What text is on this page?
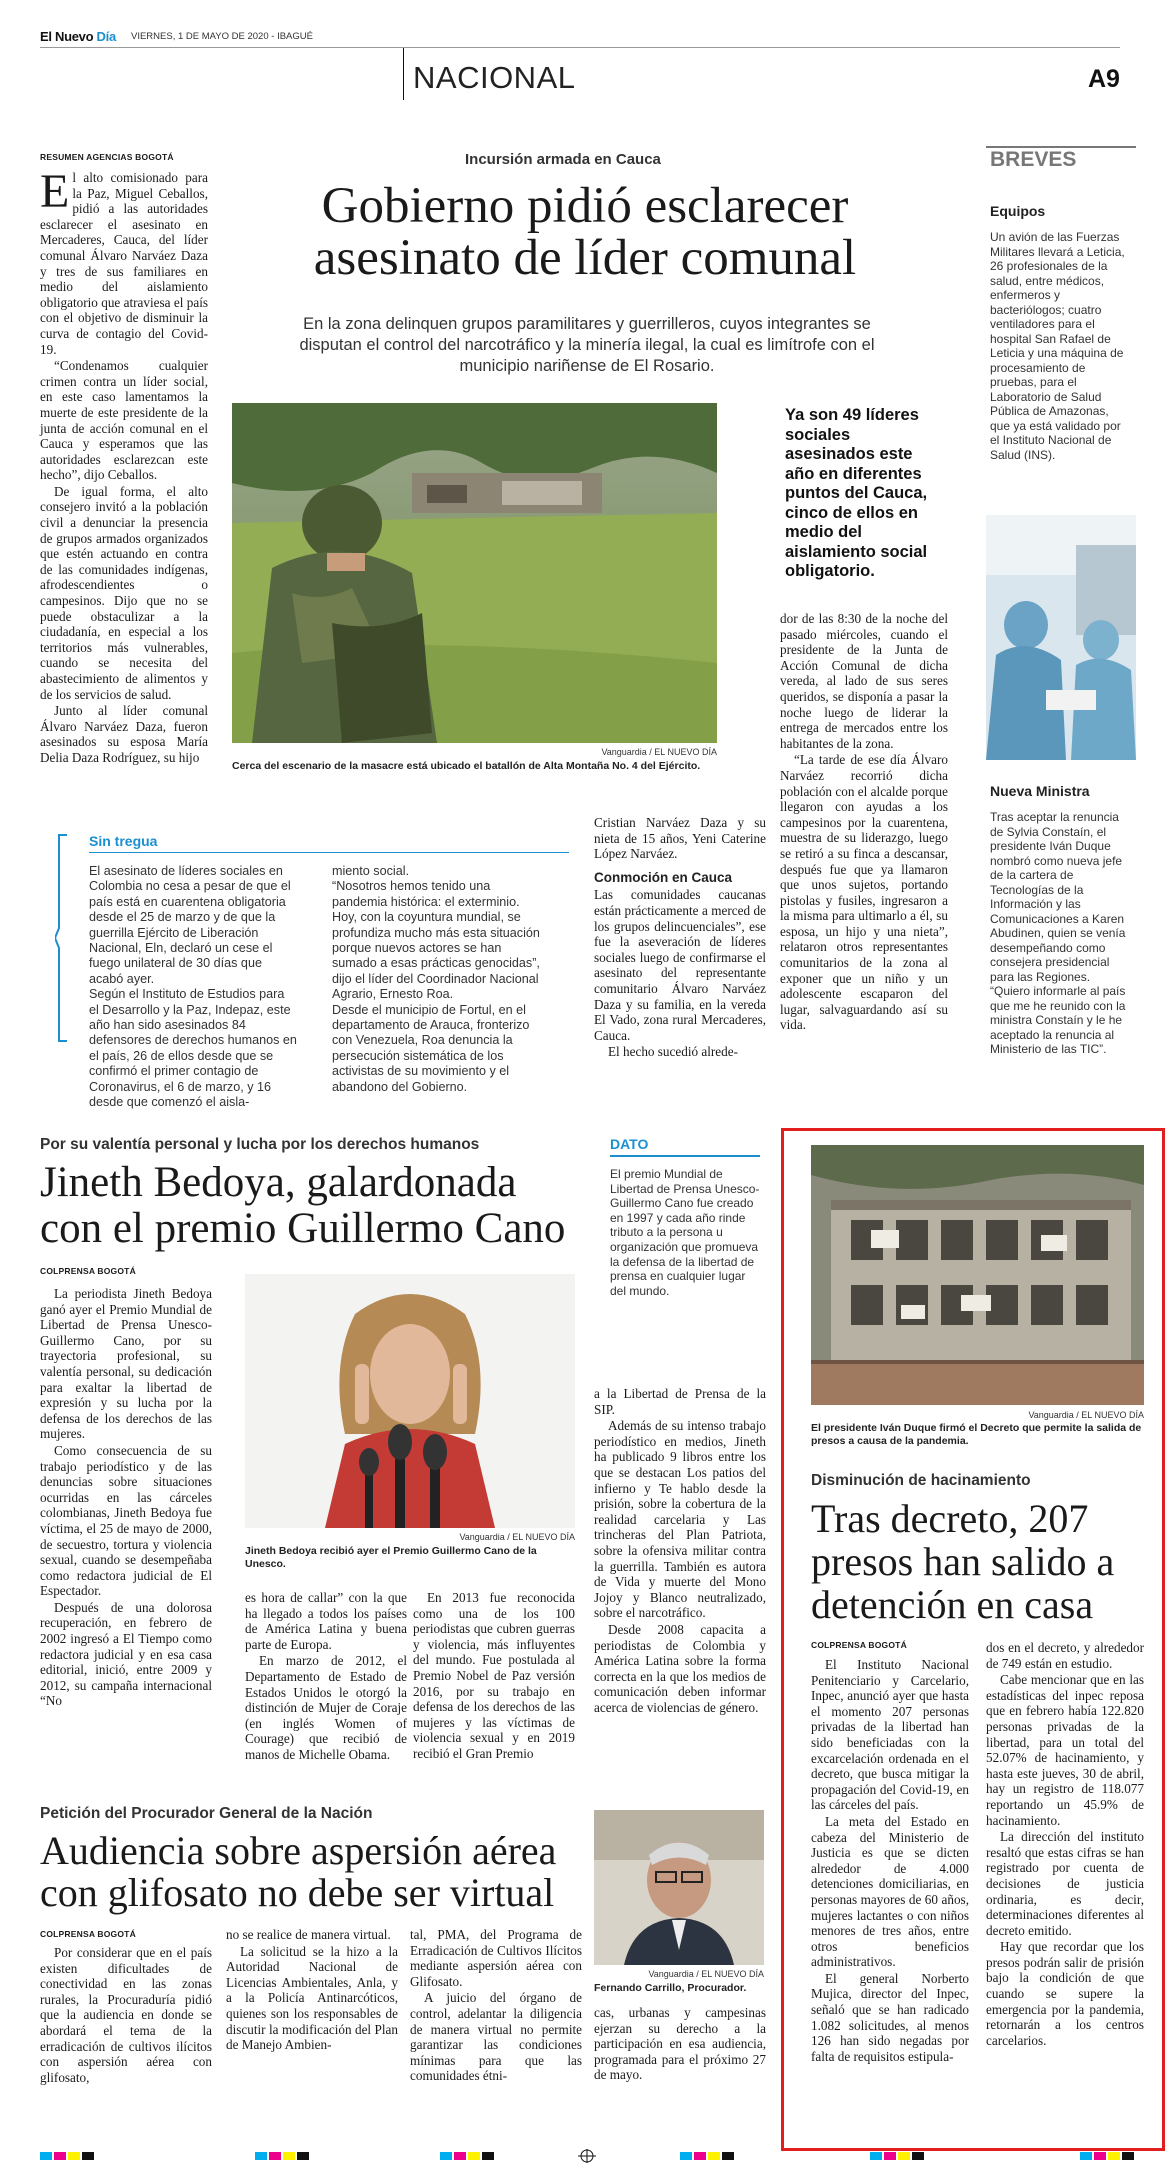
El Nuevo Día VIERNES, 1 DE MAYO DE 2020 - IBAGUÉ
NACIONAL	A9
RESUMEN AGENCIAS BOGOTÁ

El alto comisionado para la Paz, Miguel Ceballos, pidió a las autoridades esclarecer el asesinato en Mercaderes, Cauca, del líder comunal Álvaro Narváez Daza y tres de sus familiares en medio del aislamiento obligatorio que atraviesa el país con el objetivo de disminuir la curva de contagio del Covid-19.

“Condenamos cualquier crimen contra un líder social, en este caso lamentamos la muerte de este presidente de la junta de acción comunal en el Cauca y esperamos que las autoridades esclarezcan este hecho”, dijo Ceballos.

De igual forma, el alto consejero invitó a la población civil a denunciar la presencia de grupos armados organizados que estén actuando en contra de las comunidades indígenas, afrodescendientes o campesinos. Dijo que no se puede obstaculizar a la ciudadanía, en especial a los territorios más vulnerables, cuando se necesita del abastecimiento de alimentos y de los servicios de salud.

Junto al líder comunal Álvaro Narváez Daza, fueron asesinados su esposa María Delia Daza Rodríguez, su hijo

Incursión armada en Cauca
Gobierno pidió esclarecer asesinato de líder comunal
En la zona delinquen grupos paramilitares y guerrilleros, cuyos integrantes se disputan el control del narcotráfico y la minería ilegal, la cual es limítrofe con el municipio nariñense de El Rosario.
Vanguardia / EL NUEVO DÍA
Cerca del escenario de la masacre está ubicado el batallón de Alta Montaña No. 4 del Ejército.
Ya son 49 líderes sociales asesinados este año en diferentes puntos del Cauca, cinco de ellos en medio del aislamiento social obligatorio.

Cristian Narváez Daza y su nieta de 15 años, Yeni Caterine López Narváez.

Conmoción en Cauca

Las comunidades caucanas están prácticamente a merced de los grupos delincuenciales”, ese fue la aseveración de líderes sociales luego de confirmarse el asesinato del representante comunitario Álvaro Narváez Daza y su familia, en la vereda El Vado, zona rural Mercaderes, Cauca.

El hecho sucedió alrede-

dor de las 8:30 de la noche del pasado miércoles, cuando el presidente de la Junta de Acción Comunal de dicha vereda, al lado de sus seres queridos, se disponía a pasar la noche luego de liderar la entrega de mercados entre los habitantes de la zona.

“La tarde de ese día Álvaro Narváez recorrió dicha población con el alcalde porque llegaron con ayudas a los campesinos por la cuarentena, muestra de su liderazgo, luego se retiró a su finca a descansar, después fue que ya llamaron que unos sujetos, portando pistolas y fusiles, ingresaron a la misma para ultimarlo a él, su esposa, un hijo y una nieta”, relataron otros representantes comunitarios de la zona al exponer que un niño y un adolescente escaparon del lugar, salvaguardando así su vida.

Sin tregua

El asesinato de líderes sociales en Colombia no cesa a pesar de que el país está en cuarentena obligatoria desde el 25 de marzo y de que la guerrilla Ejército de Liberación Nacional, Eln, declaró un cese el fuego unilateral de 30 días que acabó ayer.

Según el Instituto de Estudios para el Desarrollo y la Paz, Indepaz, este año han sido asesinados 84 defensores de derechos humanos en el país, 26 de ellos desde que se confirmó el primer contagio de Coronavirus, el 6 de marzo, y 16 desde que comenzó el aisla-

miento social.

“Nosotros hemos tenido una pandemia histórica: el exterminio. Hoy, con la coyuntura mundial, se profundiza mucho más esta situación porque nuevos actores se han sumado a esas prácticas genocidas”, dijo el líder del Coordinador Nacional Agrario, Ernesto Roa.

Desde el municipio de Fortul, en el departamento de Arauca, fronterizo con Venezuela, Roa denuncia la persecución sistemática de los activistas de su movimiento y el abandono del Gobierno.

BREVES
Equipos
Un avión de las Fuerzas Militares llevará a Leticia, 26 profesionales de la salud, entre médicos, enfermeros y bacteriólogos; cuatro ventiladores para el hospital San Rafael de Leticia y una máquina de procesamiento de pruebas, para el Laboratorio de Salud Pública de Amazonas, que ya está validado por el Instituto Nacional de Salud (INS).
Nueva Ministra
Tras aceptar la renuncia de Sylvia Constaín, el presidente Iván Duque nombró como nueva jefe de la cartera de Tecnologías de la Información y las Comunicaciones a Karen Abudinen, quien se venía desempeñando como consejera presidencial para las Regiones. “Quiero informarle al país que me he reunido con la ministra Constaín y le he aceptado la renuncia al Ministerio de las TIC”.
Por su valentía personal y lucha por los derechos humanos
Jineth Bedoya, galardonada con el premio Guillermo Cano
COLPRENSA BOGOTÁ

La periodista Jineth Bedoya ganó ayer el Premio Mundial de Libertad de Prensa Unesco-Guillermo Cano, por su trayectoria profesional, su valentía personal, su dedicación para exaltar la libertad de expresión y su lucha por la defensa de los derechos de las mujeres.

Como consecuencia de su trabajo periodístico y de las denuncias sobre situaciones ocurridas en las cárceles colombianas, Jineth Bedoya fue víctima, el 25 de mayo de 2000, de secuestro, tortura y violencia sexual, cuando se desempeñaba como redactora judicial de El Espectador.

Después de una dolorosa recuperación, en febrero de 2002 ingresó a El Tiempo como redactora judicial y en esa casa editorial, inició, entre 2009 y 2012, su campaña internacional “No

Vanguardia / EL NUEVO DÍA
Jineth Bedoya recibió ayer el Premio Guillermo Cano de la Unesco.

es hora de callar” con la que ha llegado a todos los países de América Latina y buena parte de Europa.

En marzo de 2012, el Departamento de Estado de Estados Unidos le otorgó la distinción de Mujer de Coraje (en inglés Women of Courage) que recibió de manos de Michelle Obama.

En 2013 fue reconocida como una de los 100 periodistas que cubren guerras y violencia, más influyentes del mundo. Fue postulada al Premio Nobel de Paz versión 2016, por su trabajo en defensa de los derechos de las mujeres y las víctimas de violencia sexual y en 2019 recibió el Gran Premio

a la Libertad de Prensa de la SIP.

Además de su intenso trabajo periodístico en medios, Jineth ha publicado 9 libros entre los que se destacan Los patios del infierno y Te hablo desde la prisión, sobre la cobertura de la realidad carcelaria y Las trincheras del Plan Patriota, sobre la ofensiva militar contra la guerrilla. También es autora de Vida y muerte del Mono Jojoy y Blanco neutralizado, sobre el narcotráfico.

Desde 2008 capacita a periodistas de Colombia y América Latina sobre la forma correcta en la que los medios de comunicación deben informar acerca de violencias de género.

DATO
El premio Mundial de Libertad de Prensa Unesco-Guillermo Cano fue creado en 1997 y cada año rinde tributo a la persona u organización que promueva la defensa de la libertad de prensa en cualquier lugar del mundo.
Petición del Procurador General de la Nación
Audiencia sobre aspersión aérea con glifosato no debe ser virtual
COLPRENSA BOGOTÁ

Por considerar que en el país existen dificultades de conectividad en las zonas rurales, la Procuraduría pidió que la audiencia en donde se abordará el tema de la erradicación de cultivos ilícitos con aspersión aérea con glifosato,

no se realice de manera virtual.

La solicitud se la hizo a la Autoridad Nacional de Licencias Ambientales, Anla, y a la Policía Antinarcóticos, quienes son los responsables de discutir la modificación del Plan de Manejo Ambien-

tal, PMA, del Programa de Erradicación de Cultivos Ilícitos mediante aspersión aérea con Glifosato.

A juicio del órgano de control, adelantar la diligencia de manera virtual no permite garantizar las condiciones mínimas para que las comunidades étni-

Vanguardia / EL NUEVO DÍA
Fernando Carrillo, Procurador.

cas, urbanas y campesinas ejerzan su derecho a la participación en esa audiencia, programada para el próximo 27 de mayo.

Vanguardia / EL NUEVO DÍA
El presidente Iván Duque firmó el Decreto que permite la salida de presos a causa de la pandemia.
Disminución de hacinamiento
Tras decreto, 207 presos han salido a detención en casa
COLPRENSA BOGOTÁ

El Instituto Nacional Penitenciario y Carcelario, Inpec, anunció ayer que hasta el momento 207 personas privadas de la libertad han sido beneficiadas con la excarcelación ordenada en el decreto, que busca mitigar la propagación del Covid-19, en las cárceles del país.

La meta del Estado en cabeza del Ministerio de Justicia es que se dicten alrededor de 4.000 detenciones domiciliarias, en personas mayores de 60 años, mujeres lactantes o con niños menores de tres años, entre otros beneficios administrativos.

El general Norberto Mujica, director del Inpec, señaló que se han radicado 1.082 solicitudes, al menos 126 han sido negadas por falta de requisitos estipula-

dos en el decreto, y alrededor de 749 están en estudio.

Cabe mencionar que en las estadísticas del inpec reposa que en febrero había 122.820 personas privadas de la libertad, para un total del 52.07% de hacinamiento, y hasta este jueves, 30 de abril, hay un registro de 118.077 reportando un 45.9% de hacinamiento.

La dirección del instituto resaltó que estas cifras se han registrado por cuenta de decisiones de justicia ordinaria, es decir, determinaciones diferentes al decreto emitido.

Hay que recordar que los presos podrán salir de prisión bajo la condición de que cuando se supere la emergencia por la pandemia, retornarán a los centros carcelarios.
